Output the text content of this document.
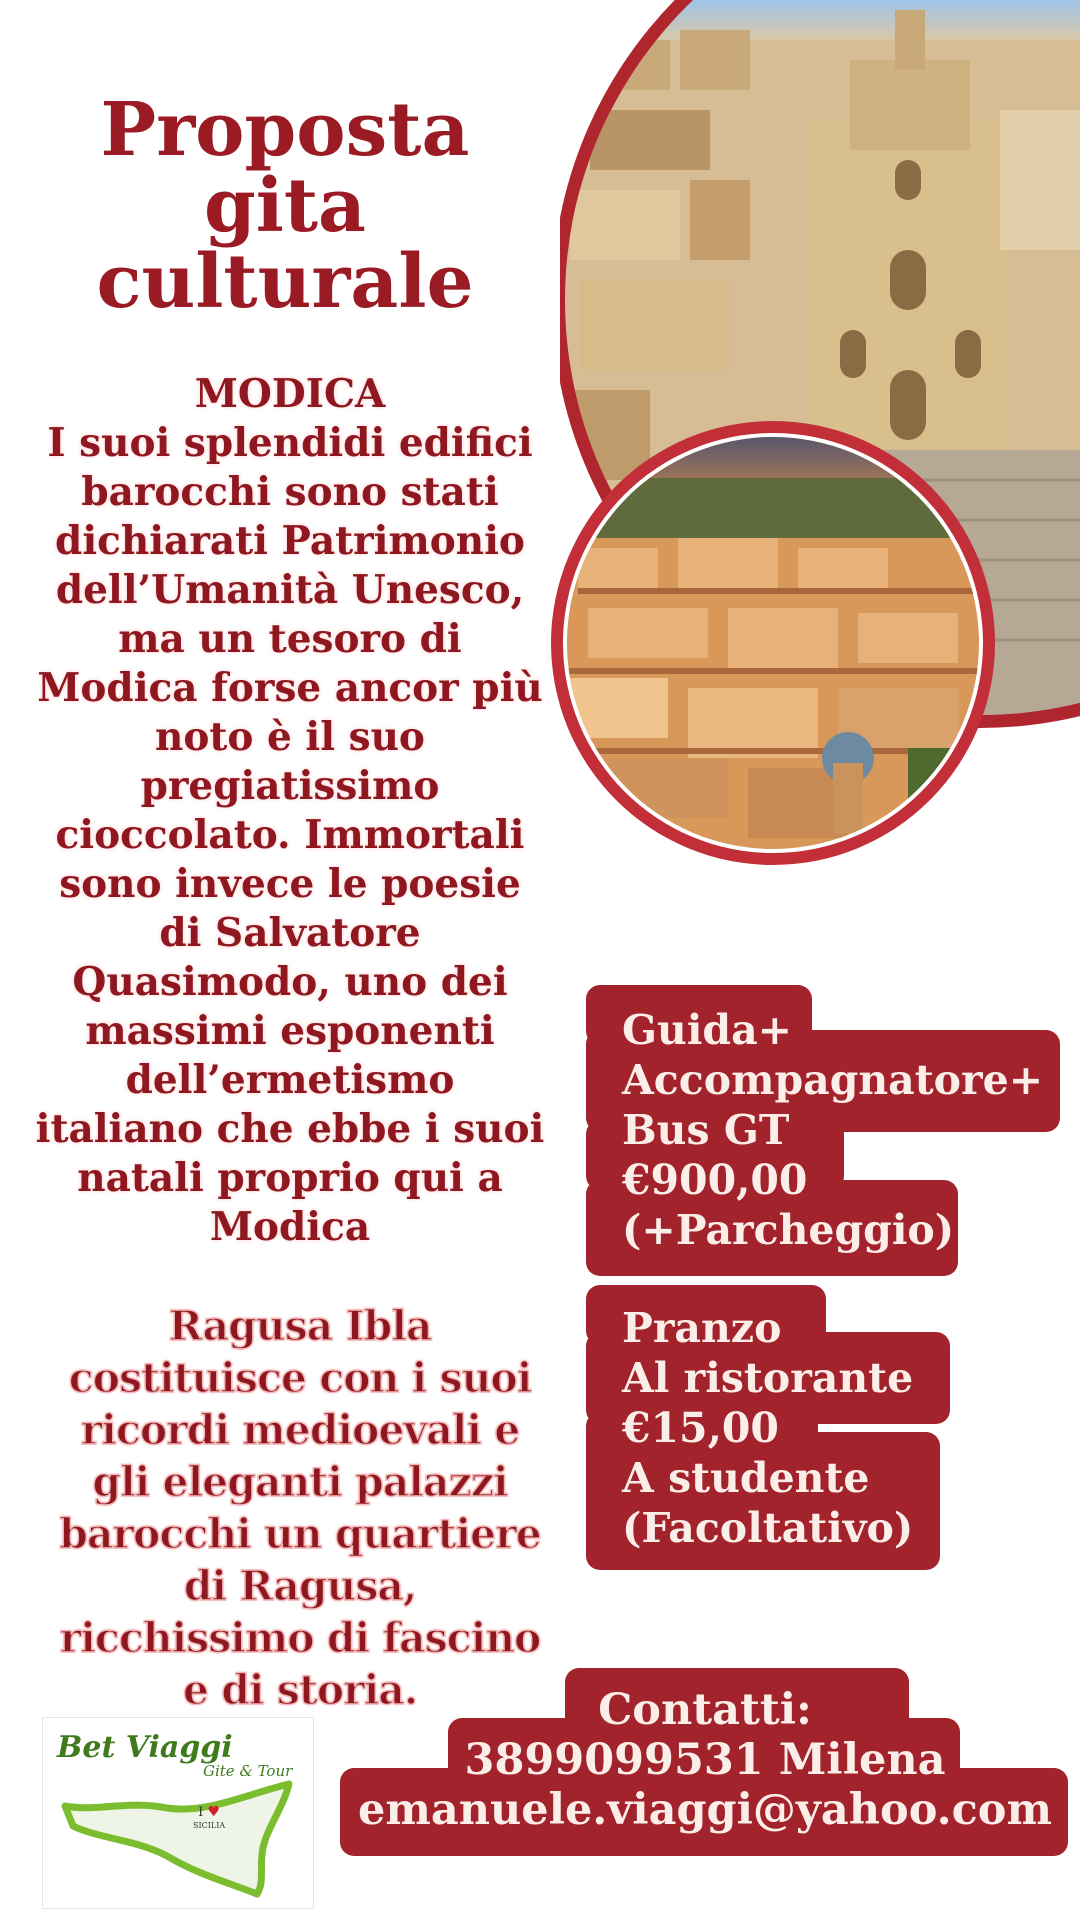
Proposta gita culturale
MODICA
I suoi splendidi edifici
barocchi sono stati
dichiarati Patrimonio
dell’Umanità Unesco,
ma un tesoro di
Modica forse ancor più
noto è il suo
pregiatissimo
cioccolato. Immortali
sono invece le poesie
di Salvatore
Quasimodo, uno dei
massimi esponenti
dell’ermetismo
italiano che ebbe i suoi
natali proprio qui a
Modica
Guida+
Accompagnatore+
Bus GT
€900,00
(+Parcheggio)
Pranzo
Al ristorante
€15,00
A studente
(Facoltativo)
Ragusa Ibla
costituisce con i suoi
ricordi medioevali e
gli eleganti palazzi
barocchi un quartiere
di Ragusa,
ricchissimo di fascino
e di storia.	Contatti:
3899099531 Milena
emanuele.viaggi@yahoo.com
Bet Viaggi
Gite & Tour
I ♥
SICILIA
